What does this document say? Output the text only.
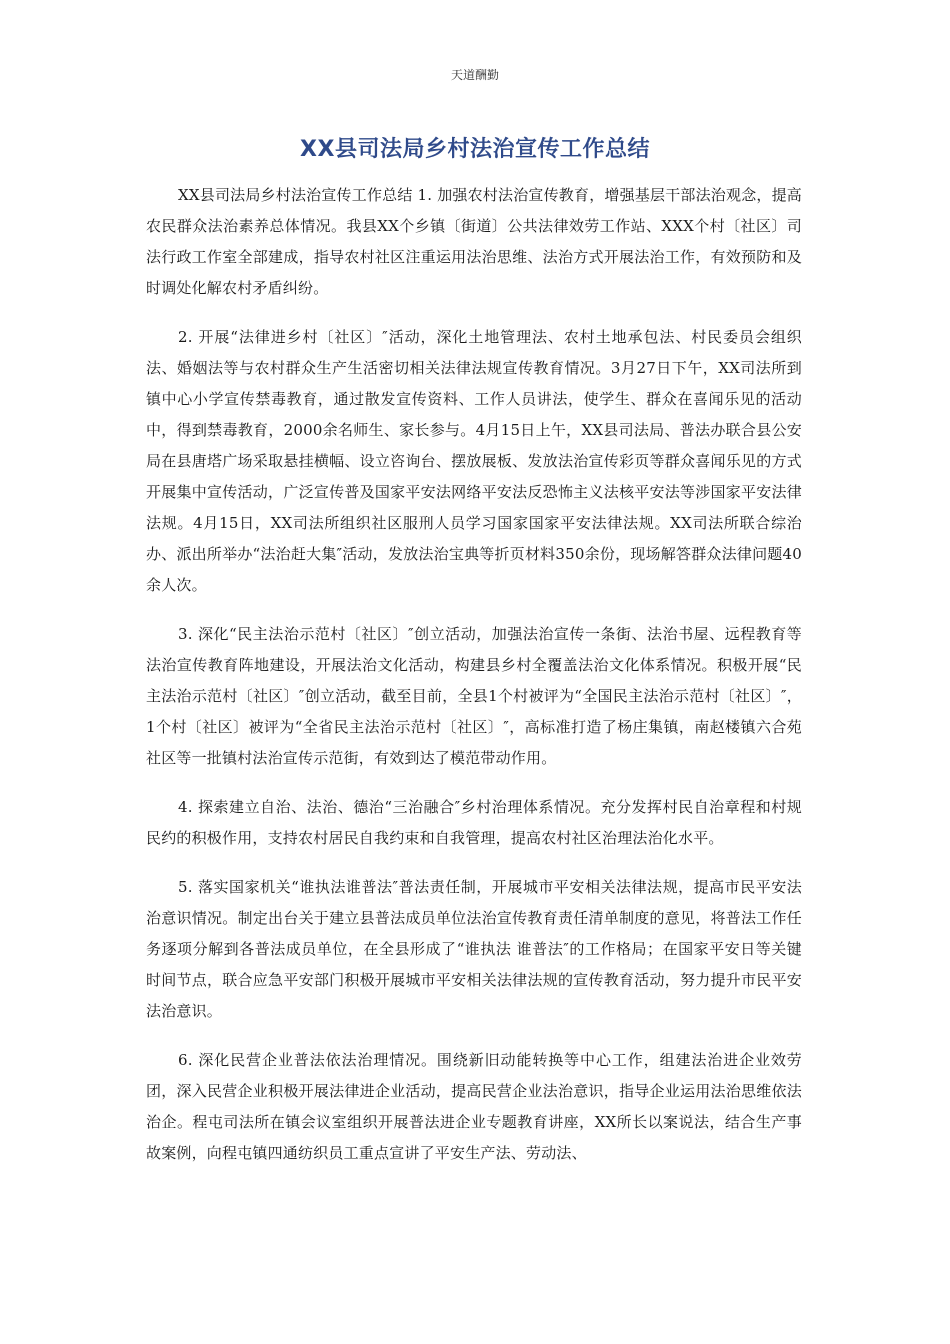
天道酬勤
XX县司法局乡村法治宣传工作总结

XX县司法局乡村法治宣传工作总结 1. 加强农村法治宣传教育，增强基层干部法治观念，提高农民群众法治素养总体情况。我县XX个乡镇〔街道〕公共法律效劳工作站、XXX个村〔社区〕司法行政工作室全部建成，指导农村社区注重运用法治思维、法治方式开展法治工作，有效预防和及时调处化解农村矛盾纠纷。

2. 开展“法律进乡村〔社区〕″活动，深化土地管理法、农村土地承包法、村民委员会组织法、婚姻法等与农村群众生产生活密切相关法律法规宣传教育情况。3月27日下午，XX司法所到镇中心小学宣传禁毒教育，通过散发宣传资料、工作人员讲法，使学生、群众在喜闻乐见的活动中，得到禁毒教育，2000余名师生、家长参与。4月15日上午，XX县司法局、普法办联合县公安局在县唐塔广场采取悬挂横幅、设立咨询台、摆放展板、发放法治宣传彩页等群众喜闻乐见的方式开展集中宣传活动，广泛宣传普及国家平安法网络平安法反恐怖主义法核平安法等涉国家平安法律法规。4月15日，XX司法所组织社区服刑人员学习国家国家平安法律法规。XX司法所联合综治办、派出所举办“法治赶大集″活动，发放法治宝典等折页材料350余份，现场解答群众法律问题40余人次。

3. 深化“民主法治示范村〔社区〕″创立活动，加强法治宣传一条街、法治书屋、远程教育等法治宣传教育阵地建设，开展法治文化活动，构建县乡村全覆盖法治文化体系情况。积极开展“民主法治示范村〔社区〕″创立活动，截至目前，全县1个村被评为“全国民主法治示范村〔社区〕″，1个村〔社区〕被评为“全省民主法治示范村〔社区〕″，高标准打造了杨庄集镇，南赵楼镇六合苑社区等一批镇村法治宣传示范街，有效到达了模范带动作用。

4. 探索建立自治、法治、德治“三治融合″乡村治理体系情况。充分发挥村民自治章程和村规民约的积极作用，支持农村居民自我约束和自我管理，提高农村社区治理法治化水平。

5. 落实国家机关“谁执法谁普法″普法责任制，开展城市平安相关法律法规，提高市民平安法治意识情况。制定出台关于建立县普法成员单位法治宣传教育责任清单制度的意见，将普法工作任务逐项分解到各普法成员单位，在全县形成了“谁执法 谁普法″的工作格局；在国家平安日等关键时间节点，联合应急平安部门积极开展城市平安相关法律法规的宣传教育活动，努力提升市民平安法治意识。

6. 深化民营企业普法依法治理情况。围绕新旧动能转换等中心工作，组建法治进企业效劳团，深入民营企业积极开展法律进企业活动，提高民营企业法治意识，指导企业运用法治思维依法治企。程屯司法所在镇会议室组织开展普法进企业专题教育讲座，XX所长以案说法，结合生产事故案例，向程屯镇四通纺织员工重点宣讲了平安生产法、劳动法、
